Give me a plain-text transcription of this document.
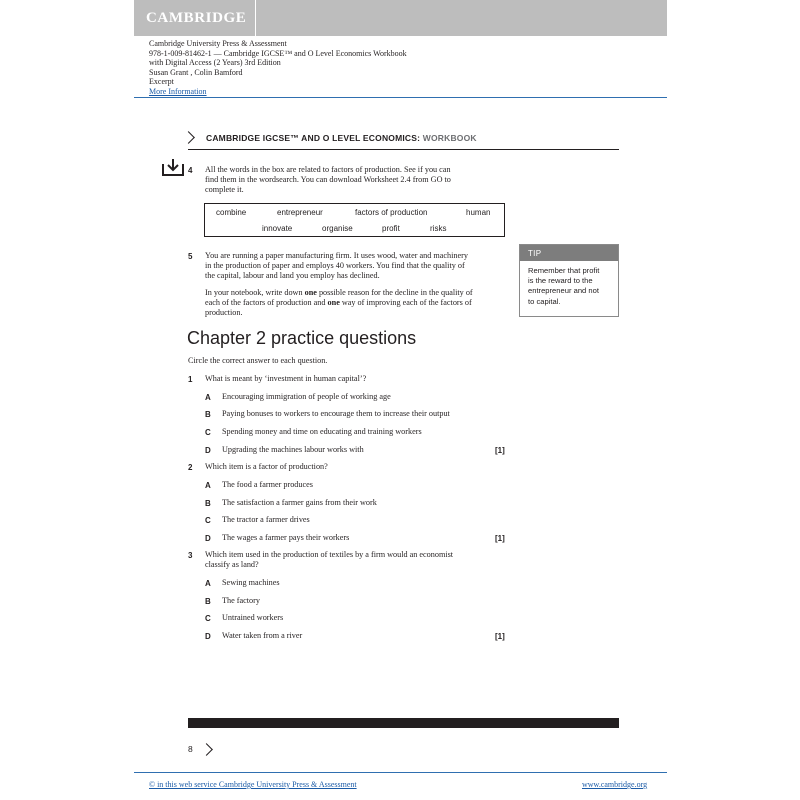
CAMBRIDGE
Cambridge University Press & Assessment
978-1-009-81462-1 — Cambridge IGCSE™ and O Level Economics Workbook
with Digital Access (2 Years) 3rd Edition
Susan Grant , Colin Bamford
Excerpt
More Information
CAMBRIDGE IGCSE™ AND O LEVEL ECONOMICS: WORKBOOK
4 All the words in the box are related to factors of production. See if you can
find them in the wordsearch. You can download Worksheet 2.4 from GO to
complete it.
combine	entrepreneur	factors of production	human
innovate	organise	profit	risks
5 You are running a paper manufacturing firm. It uses wood, water and machinery
in the production of paper and employs 40 workers. You find that the quality of
the capital, labour and land you employ has declined.
In your notebook, write down one possible reason for the decline in the quality of
each of the factors of production and one way of improving each of the factors of
production.
TIP
Remember that profit
is the reward to the
entrepreneur and not
to capital.
Chapter 2 practice questions
Circle the correct answer to each question.
1 What is meant by ‘investment in human capital’?
A Encouraging immigration of people of working age
B Paying bonuses to workers to encourage them to increase their output
C Spending money and time on educating and training workers
D Upgrading the machines labour works with	[1]
2 Which item is a factor of production?
A The food a farmer produces
B The satisfaction a farmer gains from their work
C The tractor a farmer drives
D The wages a farmer pays their workers	[1]
3 Which item used in the production of textiles by a firm would an economist
classify as land?
A Sewing machines
B The factory
C Untrained workers
D Water taken from a river	[1]
8
© in this web service Cambridge University Press & Assessment	www.cambridge.org
